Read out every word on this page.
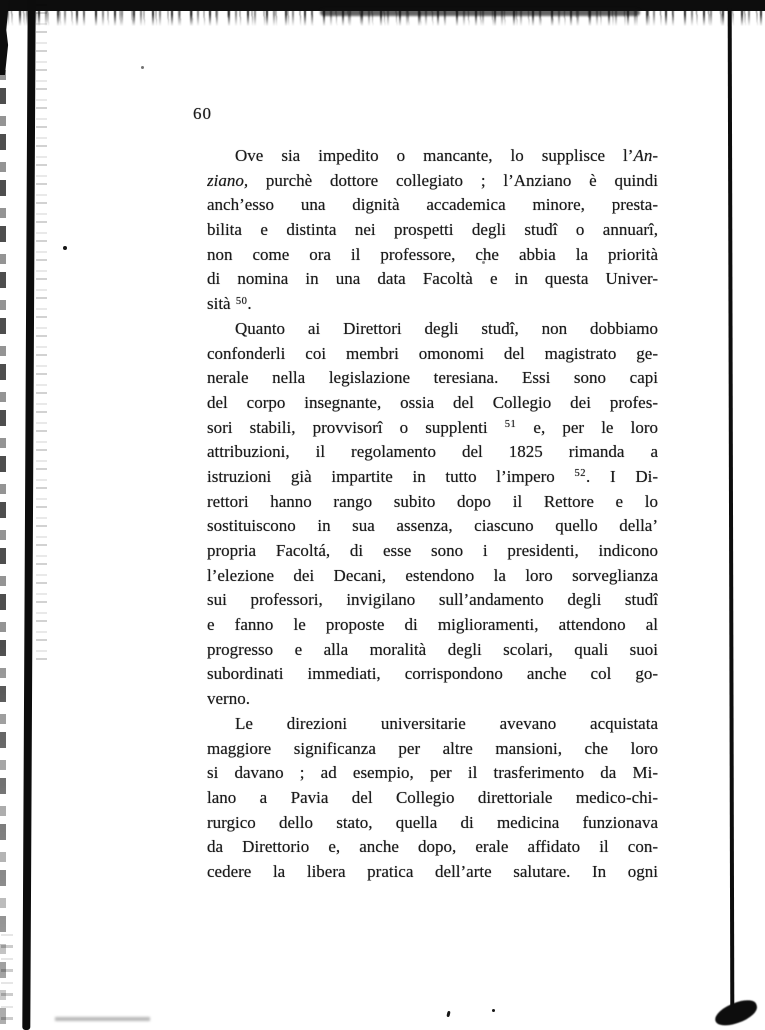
60
Ove sia impedito o mancante, lo supplisce l’An-
ziano, purchè dottore collegiato ; l’Anziano è quindi
anch’esso una dignità accademica minore, presta-
bilita e distinta nei prospetti degli studî o annuarî,
non come ora il professore, che abbia la priorità
di nomina in una data Facoltà e in questa Univer-
sità $^{50}$.
Quanto ai Direttori degli studî, non dobbiamo
confonderli coi membri omonomi del magistrato ge-
nerale nella legislazione teresiana. Essi sono capi
del corpo insegnante, ossia del Collegio dei profes-
sori stabili, provvisorî o supplenti $^{51}$ e, per le loro
attribuzioni, il regolamento del 1825 rimanda a
istruzioni già impartite in tutto l’impero $^{52}$. I Di-
rettori hanno rango subito dopo il Rettore e lo
sostituiscono in sua assenza, ciascuno quello della’
propria Facoltá, di esse sono i presidenti, indicono
l’elezione dei Decani, estendono la loro sorveglianza
sui professori, invigilano sull’andamento degli studî
e fanno le proposte di miglioramenti, attendono al
progresso e alla moralità degli scolari, quali suoi
subordinati immediati, corrispondono anche col go-
verno.
Le direzioni universitarie avevano acquistata
maggiore significanza per altre mansioni, che loro
si davano ; ad esempio, per il trasferimento da Mi-
lano a Pavia del Collegio direttoriale medico-chi-
rurgico dello stato, quella di medicina funzionava
da Direttorio e, anche dopo, erale affidato il con-
cedere la libera pratica dell’arte salutare. In ogni
